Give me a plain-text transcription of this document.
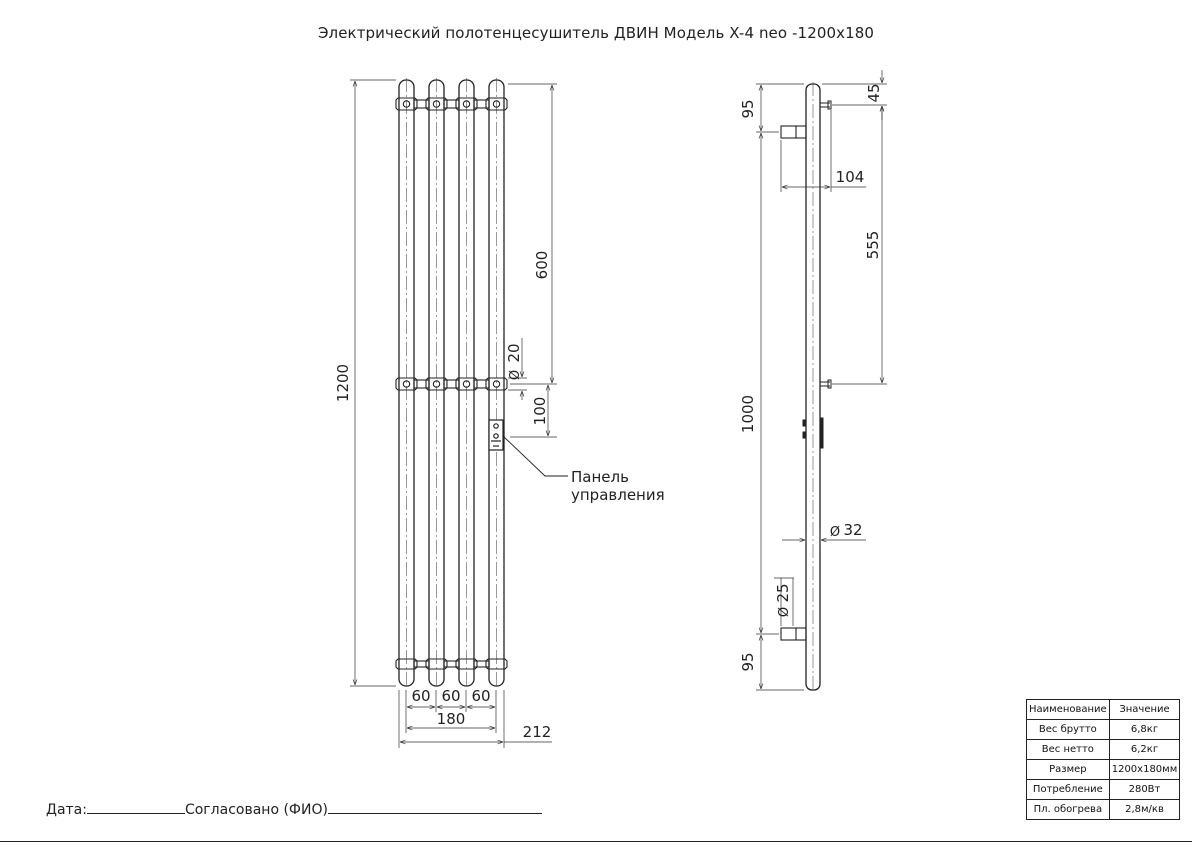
Электрический полотенцесушитель ДВИН Модель X-4 neo -1200x180
1200
600
Ø
20
100
60 60 60
180
212
95
45
104
555
1000
Ø 32
Ø
25
95
Панель
управления
Наименование	Значение
Вес брутто	6,8кг
Вес нетто	6,2кг
Размер	1200x180мм
Потребление	280Вт
Пл. обогрева	2,8м/кв
Дата:	Согласовано (ФИО)
